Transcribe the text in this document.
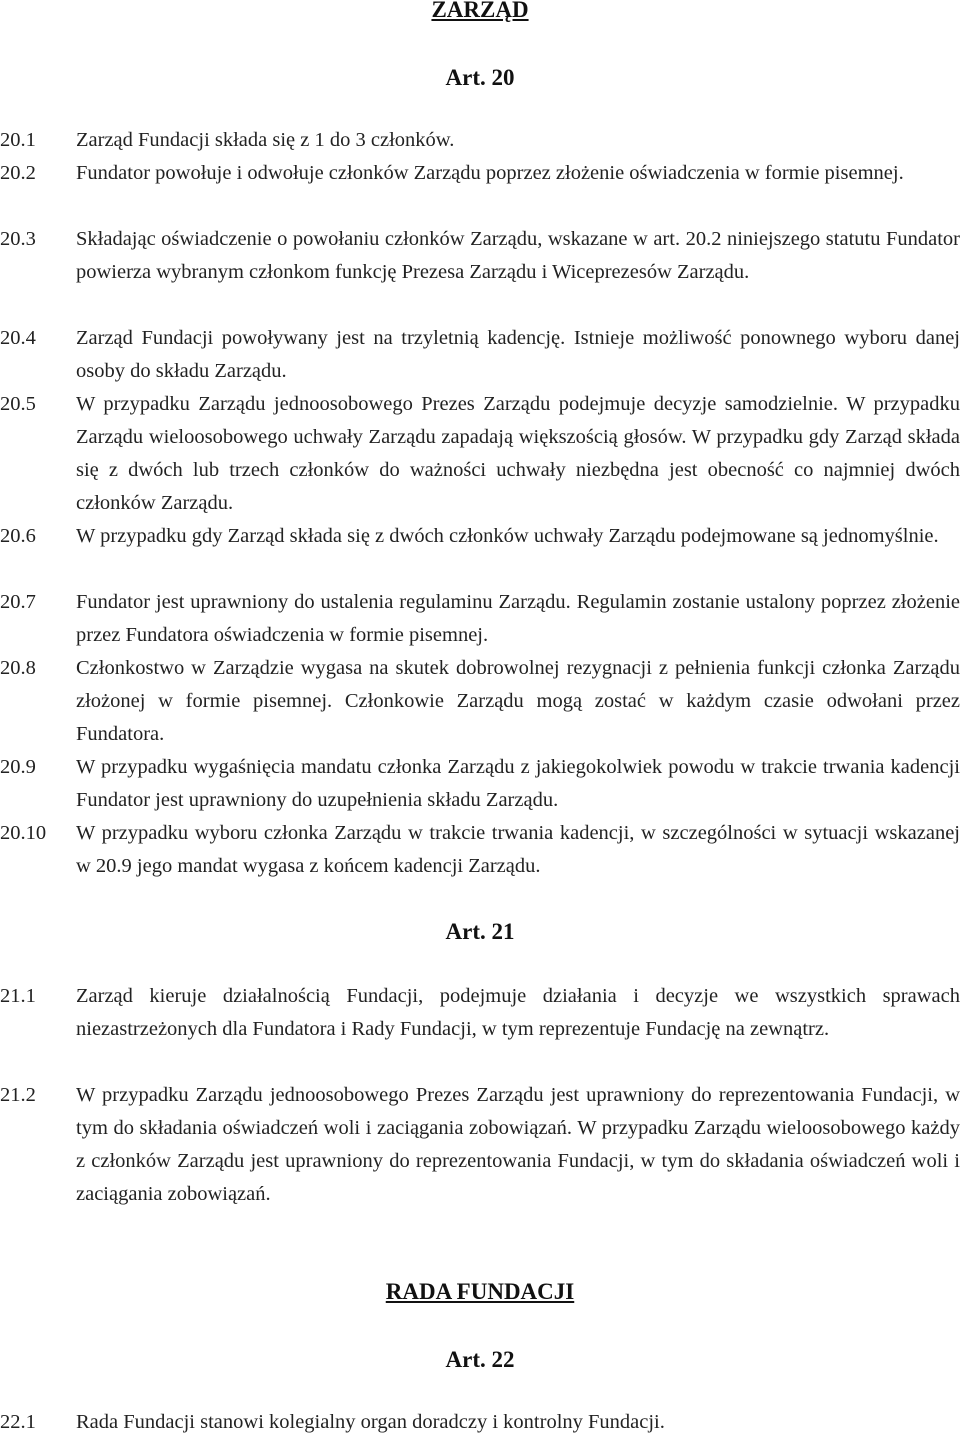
ZARZĄD
Art. 20
20.1	Zarząd Fundacji składa się z 1 do 3 członków.
20.2	Fundator powołuje i odwołuje członków Zarządu poprzez złożenie oświadczenia w formie pisemnej.
20.3	Składając oświadczenie o powołaniu członków Zarządu, wskazane w art. 20.2 niniejszego statutu Fundator powierza wybranym członkom funkcję Prezesa Zarządu i Wiceprezesów Zarządu.
20.4	Zarząd Fundacji powoływany jest na trzyletnią kadencję. Istnieje możliwość ponownego wyboru danej osoby do składu Zarządu.
20.5	W przypadku Zarządu jednoosobowego Prezes Zarządu podejmuje decyzje samodzielnie. W przypadku Zarządu wieloosobowego uchwały Zarządu zapadają większością głosów. W przypadku gdy Zarząd składa się z dwóch lub trzech członków do ważności uchwały niezbędna jest obecność co najmniej dwóch członków Zarządu.
20.6	W przypadku gdy Zarząd składa się z dwóch członków uchwały Zarządu podejmowane są jednomyślnie.
20.7	Fundator jest uprawniony do ustalenia regulaminu Zarządu. Regulamin zostanie ustalony poprzez złożenie przez Fundatora oświadczenia w formie pisemnej.
20.8	Członkostwo w Zarządzie wygasa na skutek dobrowolnej rezygnacji z pełnienia funkcji członka Zarządu złożonej w formie pisemnej. Członkowie Zarządu mogą zostać w każdym czasie odwołani przez Fundatora.
20.9	W przypadku wygaśnięcia mandatu członka Zarządu z jakiegokolwiek powodu w trakcie trwania kadencji Fundator jest uprawniony do uzupełnienia składu Zarządu.
20.10	W przypadku wyboru członka Zarządu w trakcie trwania kadencji, w szczególności w sytuacji wskazanej w 20.9 jego mandat wygasa z końcem kadencji Zarządu.
Art. 21
21.1	Zarząd kieruje działalnością Fundacji, podejmuje działania i decyzje we wszystkich sprawach niezastrzeżonych dla Fundatora i Rady Fundacji, w tym reprezentuje Fundację na zewnątrz.
21.2	W przypadku Zarządu jednoosobowego Prezes Zarządu jest uprawniony do reprezentowania Fundacji, w tym do składania oświadczeń woli i zaciągania zobowiązań. W przypadku Zarządu wieloosobowego każdy z członków Zarządu jest uprawniony do reprezentowania Fundacji, w tym do składania oświadczeń woli i zaciągania zobowiązań.
RADA FUNDACJI
Art. 22
22.1	Rada Fundacji stanowi kolegialny organ doradczy i kontrolny Fundacji.
